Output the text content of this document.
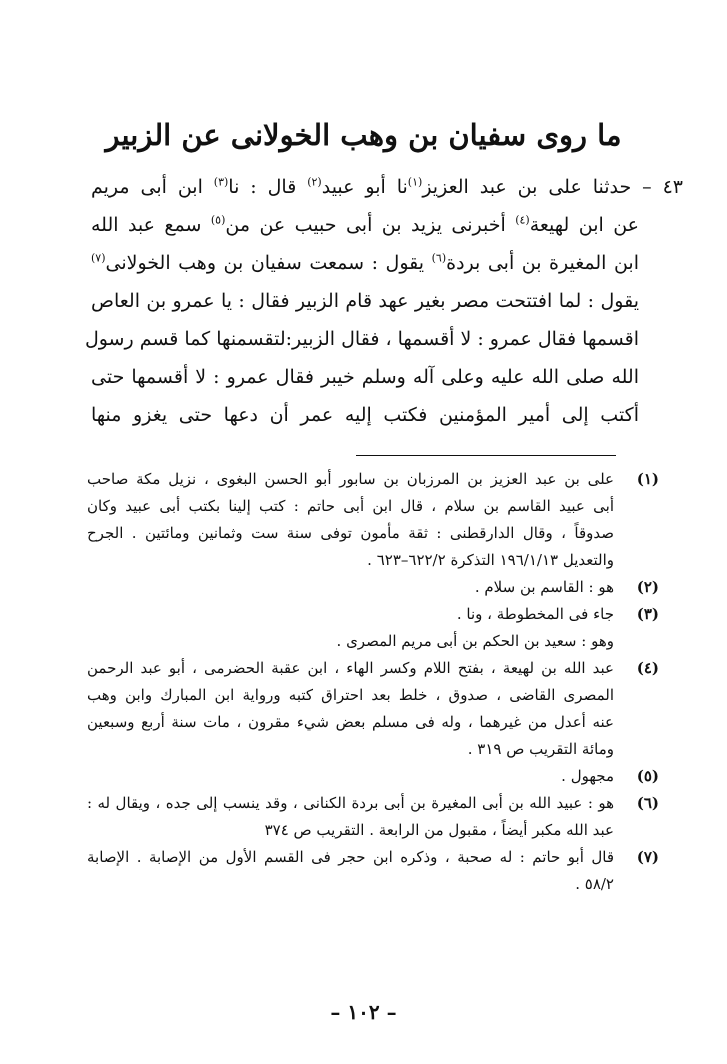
ما روى سفيان بن وهب الخولانى عن الزبير
٤٣ – حدثنا على بن عبد العزيز$^{(١)}$نا أبو عبيد$^{(٢)}$ قال : نا$^{(٣)}$ ابن أبى مريم
عن ابن لهيعة$^{(٤)}$ أخبرنى يزيد بن أبى حبيب عن من$^{(٥)}$ سمع عبد الله
ابن المغيرة بن أبى بردة$^{(٦)}$ يقول : سمعت سفيان بن وهب الخولانى$^{(٧)}$
يقول : لما افتتحت مصر بغير عهد قام الزبير فقال : يا عمرو بن العاص
اقسمها فقال عمرو : لا أقسمها ، فقال الزبير:لتقسمنها كما قسم رسول
الله صلى الله عليه وعلى آله وسلم خيبر فقال عمرو : لا أقسمها حتى
أكتب إلى أمير المؤمنين فكتب إليه عمر أن دعها حتى يغزو منها
(١)
على بن عبد العزيز بن المرزبان بن سابور أبو الحسن البغوى ، نزيل مكة صاحب
أبى عبيد القاسم بن سلام ، قال ابن أبى حاتم : كتب إلينا بكتب أبى عبيد وكان
صدوقاً ، وقال الدارقطنى : ثقة مأمون توفى سنة ست وثمانين ومائتين . الجرح
والتعديل ١٩٦/١/١٣ التذكرة ٦٢٢/٢–٦٢٣ .
(٢)
هو : القاسم بن سلام .
(٣)
جاء فى المخطوطة ، ونا .
وهو : سعيد بن الحكم بن أبى مريم المصرى .
(٤)
عبد الله بن لهيعة ، بفتح اللام وكسر الهاء ، ابن عقبة الحضرمى ، أبو عبد الرحمن
المصرى القاضى ، صدوق ، خلط بعد احتراق كتبه ورواية ابن المبارك وابن وهب
عنه أعدل من غيرهما ، وله فى مسلم بعض شيء مقرون ، مات سنة أربع وسبعين
ومائة التقريب ص ٣١٩ .
(٥)
مجهول .
(٦)
هو : عبيد الله بن أبى المغيرة بن أبى بردة الكنانى ، وقد ينسب إلى جده ، ويقال له :
عبد الله مكبر أيضاً ، مقبول من الرابعة . التقريب ص ٣٧٤
(٧)
قال أبو حاتم : له صحبة ، وذكره ابن حجر فى القسم الأول من الإصابة . الإصابة
٥٨/٢ .
– ١٠٢ –
